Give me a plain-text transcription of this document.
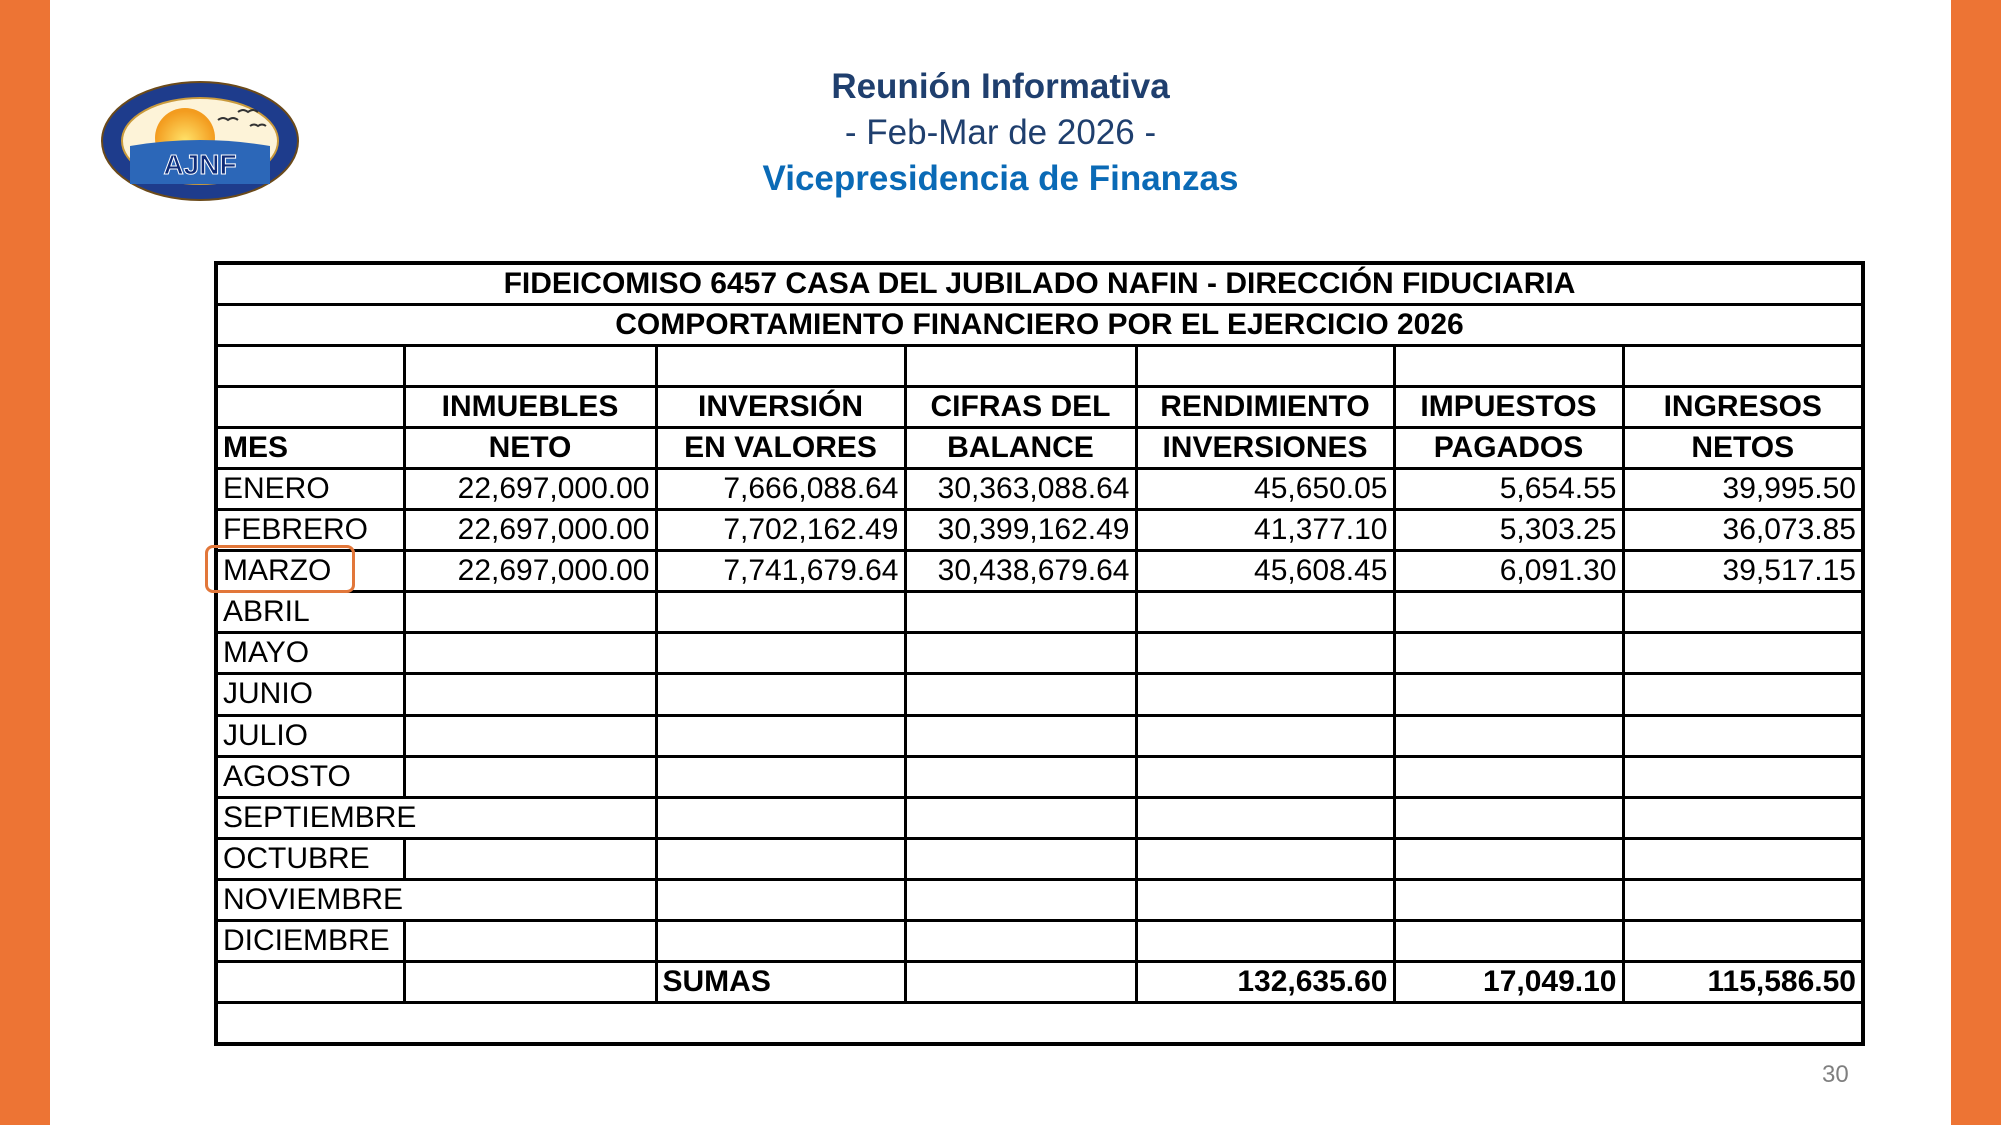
AJNF
Reunión Informativa
- Feb-Mar de 2026 -
Vicepresidencia de Finanzas
FIDEICOMISO 6457 CASA DEL JUBILADO NAFIN - DIRECCIÓN FIDUCIARIA						
COMPORTAMIENTO FINANCIERO POR EL EJERCICIO 2026						

	INMUEBLES	INVERSIÓN	CIFRAS DEL	RENDIMIENTO	IMPUESTOS	INGRESOS
MES	NETO	EN VALORES	BALANCE	INVERSIONES	PAGADOS	NETOS
ENERO	22,697,000.00	7,666,088.64	30,363,088.64	45,650.05	5,654.55	39,995.50
FEBRERO	22,697,000.00	7,702,162.49	30,399,162.49	41,377.10	5,303.25	36,073.85
MARZO	22,697,000.00	7,741,679.64	30,438,679.64	45,608.45	6,091.30	39,517.15
ABRIL						
MAYO						
JUNIO						
JULIO						
AGOSTO						
SEPTIEMBRE						
OCTUBRE						
NOVIEMBRE						
DICIEMBRE						
		SUMAS		132,635.60	17,049.10	115,586.50

30
